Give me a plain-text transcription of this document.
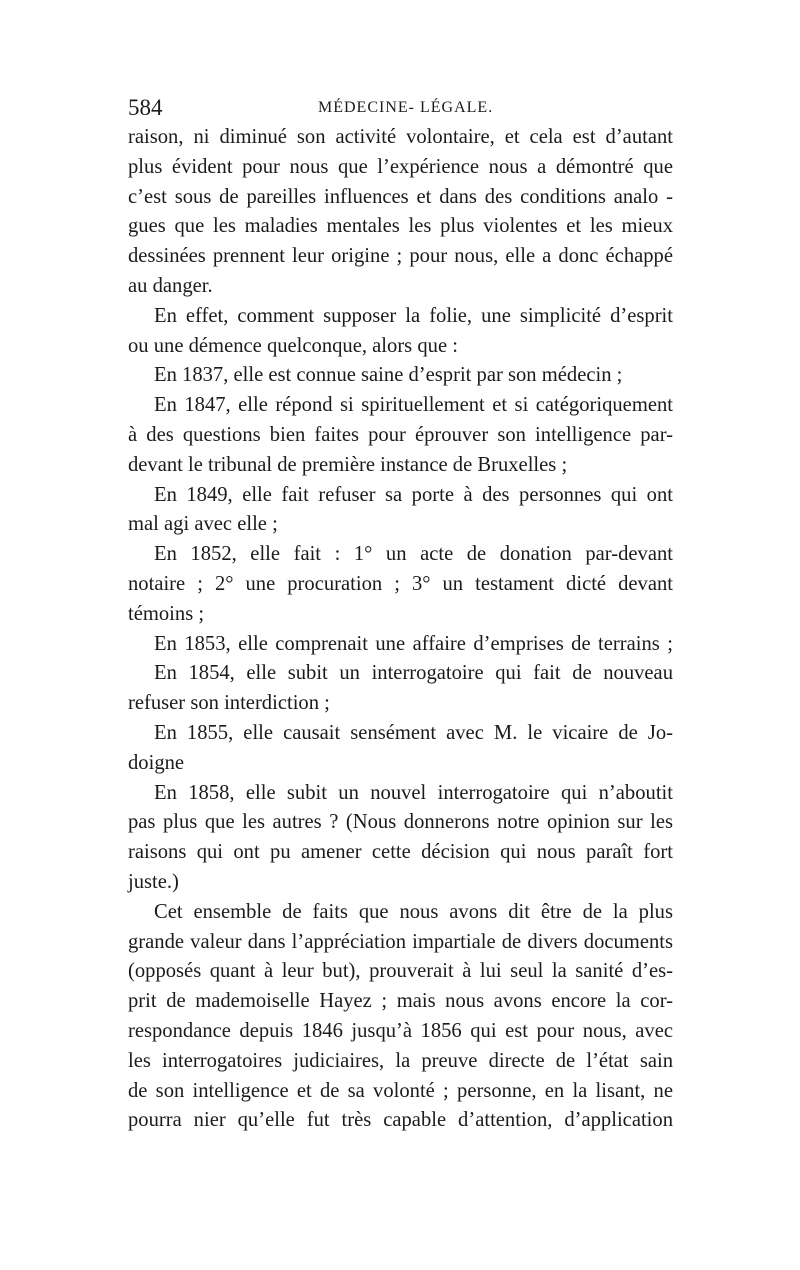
584	MÉDECINE- LÉGALE.
raison, ni diminué son activité volontaire, et cela est d’autant
plus évident pour nous que l’expérience nous a démontré que
c’est sous de pareilles influences et dans des conditions analo -
gues que les maladies mentales les plus violentes et les mieux
dessinées prennent leur origine ; pour nous, elle a donc échappé
au danger.
En effet, comment supposer la folie, une simplicité d’esprit
ou une démence quelconque, alors que :
En 1837, elle est connue saine d’esprit par son médecin ;
En 1847, elle répond si spirituellement et si catégoriquement
à des questions bien faites pour éprouver son intelligence par-
devant le tribunal de première instance de Bruxelles ;
En 1849, elle fait refuser sa porte à des personnes qui ont
mal agi avec elle ;
En 1852, elle fait : 1° un acte de donation par-devant
notaire ; 2° une procuration ; 3° un testament dicté devant
témoins ;
En 1853, elle comprenait une affaire d’emprises de terrains ;
En 1854, elle subit un interrogatoire qui fait de nouveau
refuser son interdiction ;
En 1855, elle causait sensément avec M. le vicaire de Jo-
doigne
En 1858, elle subit un nouvel interrogatoire qui n’aboutit
pas plus que les autres ? (Nous donnerons notre opinion sur les
raisons qui ont pu amener cette décision qui nous paraît fort
juste.)
Cet ensemble de faits que nous avons dit être de la plus
grande valeur dans l’appréciation impartiale de divers documents
(opposés quant à leur but), prouverait à lui seul la sanité d’es-
prit de mademoiselle Hayez ; mais nous avons encore la cor-
respondance depuis 1846 jusqu’à 1856 qui est pour nous, avec
les interrogatoires judiciaires, la preuve directe de l’état sain
de son intelligence et de sa volonté ; personne, en la lisant, ne
pourra nier qu’elle fut très capable d’attention, d’application
